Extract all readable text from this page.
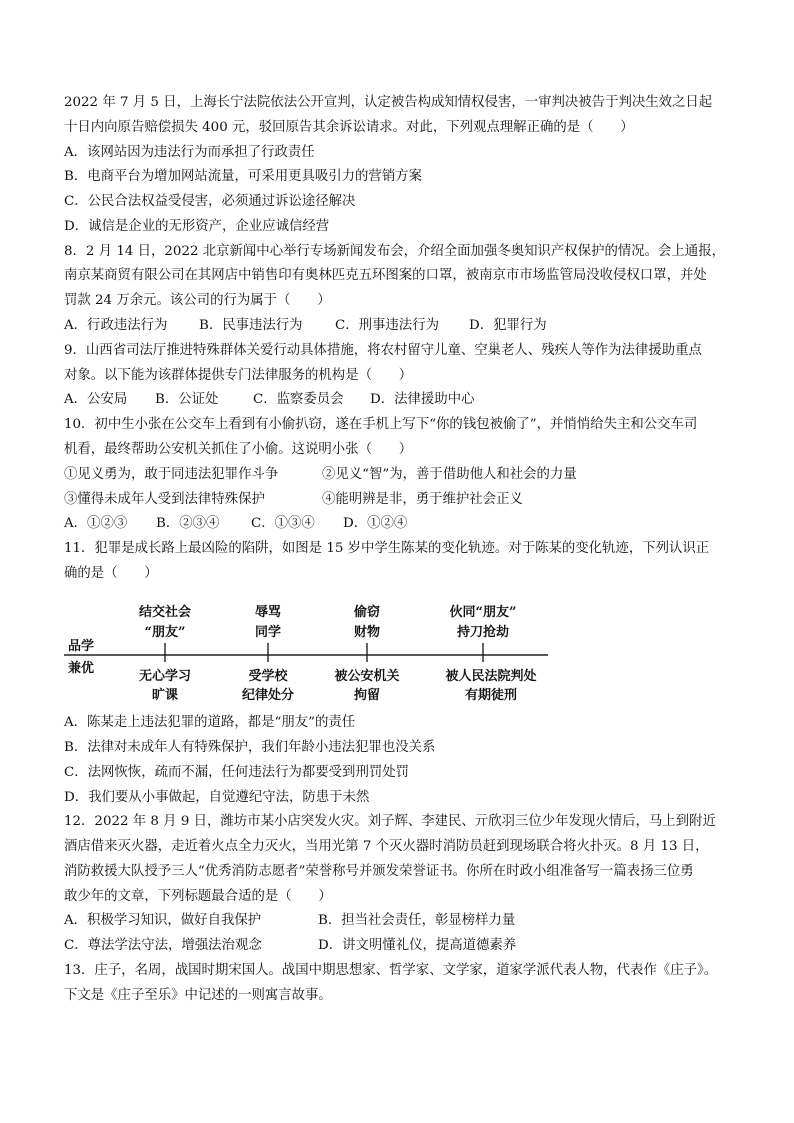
2022 年 7 月 5 日，上海长宁法院依法公开宣判，认定被告构成知情权侵害，一审判决被告于判决生效之日起
十日内向原告赔偿损失 400 元，驳回原告其余诉讼请求。对此，下列观点理解正确的是（　　）
A．该网站因为违法行为而承担了行政责任
B．电商平台为增加网站流量，可采用更具吸引力的营销方案
C．公民合法权益受侵害，必须通过诉讼途径解决
D．诚信是企业的无形资产，企业应诚信经营
8．2 月 14 日，2022 北京新闻中心举行专场新闻发布会，介绍全面加强冬奥知识产权保护的情况。会上通报，
南京某商贸有限公司在其网店中销售印有奥林匹克五环图案的口罩，被南京市市场监管局没收侵权口罩，并处
罚款 24 万余元。该公司的行为属于（　　）
A．行政违法行为 B．民事违法行为 C．刑事违法行为 D．犯罪行为
9．山西省司法厅推进特殊群体关爱行动具体措施，将农村留守儿童、空巢老人、残疾人等作为法律援助重点
对象。以下能为该群体提供专门法律服务的机构是（　　）
A．公安局 B．公证处	C．监察委员会 D．法律援助中心
10．初中生小张在公交车上看到有小偷扒窃，遂在手机上写下“你的钱包被偷了”，并悄悄给失主和公交车司
机看，最终帮助公安机关抓住了小偷。这说明小张（　　）
①见义勇为，敢于同违法犯罪作斗争	②见义“智”为，善于借助他人和社会的力量
③懂得未成年人受到法律特殊保护	④能明辨是非，勇于维护社会正义
A．①②③ B．②③④ C．①③④ D．①②④
11．犯罪是成长路上最凶险的陷阱，如图是 15 岁中学生陈某的变化轨迹。对于陈某的变化轨迹，下列认识正
确的是（　　）
品学
兼优
结交社会
“朋友”
辱骂
同学
偷窃
财物
伙同“朋友”
持刀抢劫
无心学习
旷课
受学校
纪律处分
被公安机关
拘留
被人民法院判处
有期徒刑
A．陈某走上违法犯罪的道路，都是“朋友”的责任
B．法律对未成年人有特殊保护，我们年龄小违法犯罪也没关系
C．法网恢恢，疏而不漏，任何违法行为都要受到刑罚处罚
D．我们要从小事做起，自觉遵纪守法，防患于未然
12．2022 年 8 月 9 日，潍坊市某小店突发火灾。刘子辉、李建民、亓欣羽三位少年发现火情后，马上到附近
酒店借来灭火器，走近着火点全力灭火，当用光第 7 个灭火器时消防员赶到现场联合将火扑灭。8 月 13 日，
消防救援大队授予三人“优秀消防志愿者”荣誉称号并颁发荣誉证书。你所在时政小组准备写一篇表扬三位勇
敢少年的文章，下列标题最合适的是（　　）
A．积极学习知识，做好自我保护	B．担当社会责任，彰显榜样力量
C．尊法学法守法，增强法治观念	D．讲文明懂礼仪，提高道德素养
13．庄子，名周，战国时期宋国人。战国中期思想家、哲学家、文学家，道家学派代表人物，代表作《庄子》。
下文是《庄子至乐》中记述的一则寓言故事。
